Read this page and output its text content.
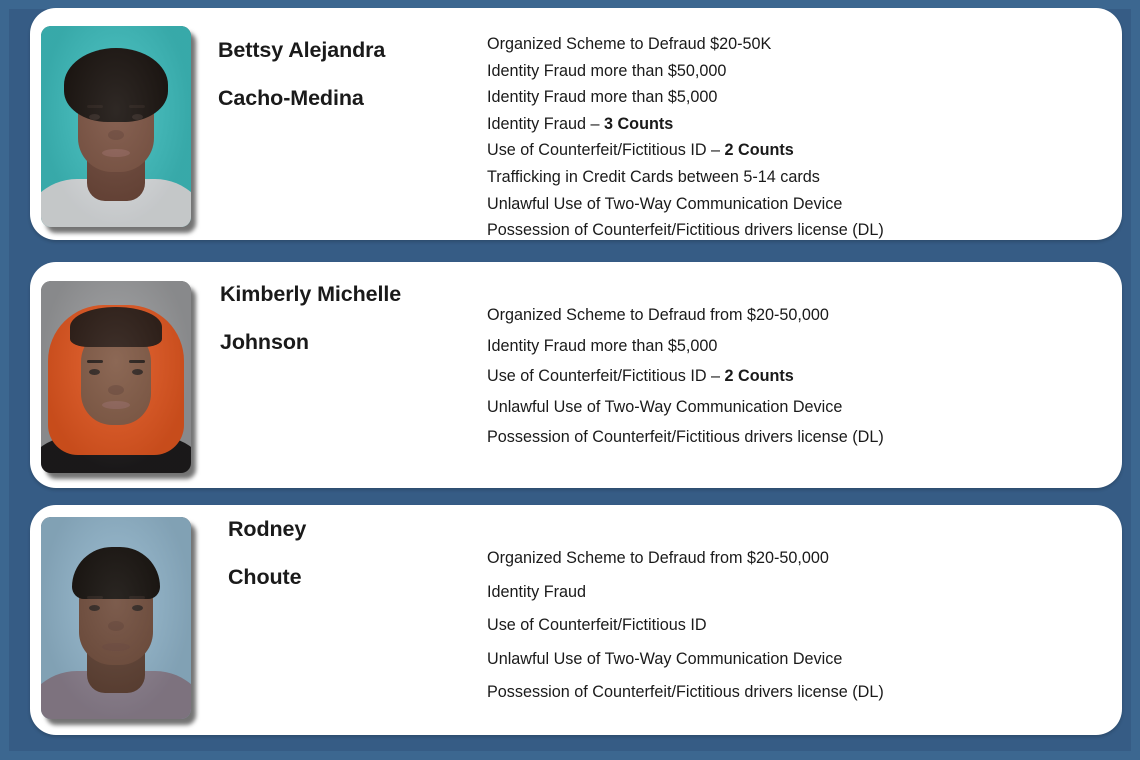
Bettsy Alejandra
Cacho-Medina
Organized Scheme to Defraud $20-50K
Identity Fraud more than $50,000
Identity Fraud more than $5,000
Identity Fraud – 3 Counts
Use of Counterfeit/Fictitious ID – 2 Counts
Trafficking in Credit Cards between 5-14 cards
Unlawful Use of Two-Way Communication Device
Possession of Counterfeit/Fictitious drivers license (DL)
Kimberly Michelle
Johnson
Organized Scheme to Defraud from $20-50,000
Identity Fraud more than $5,000
Use of Counterfeit/Fictitious ID – 2 Counts
Unlawful Use of Two-Way Communication Device
Possession of Counterfeit/Fictitious drivers license (DL)
Rodney
Choute
Organized Scheme to Defraud from $20-50,000
Identity Fraud
Use of Counterfeit/Fictitious ID
Unlawful Use of Two-Way Communication Device
Possession of Counterfeit/Fictitious drivers license (DL)
